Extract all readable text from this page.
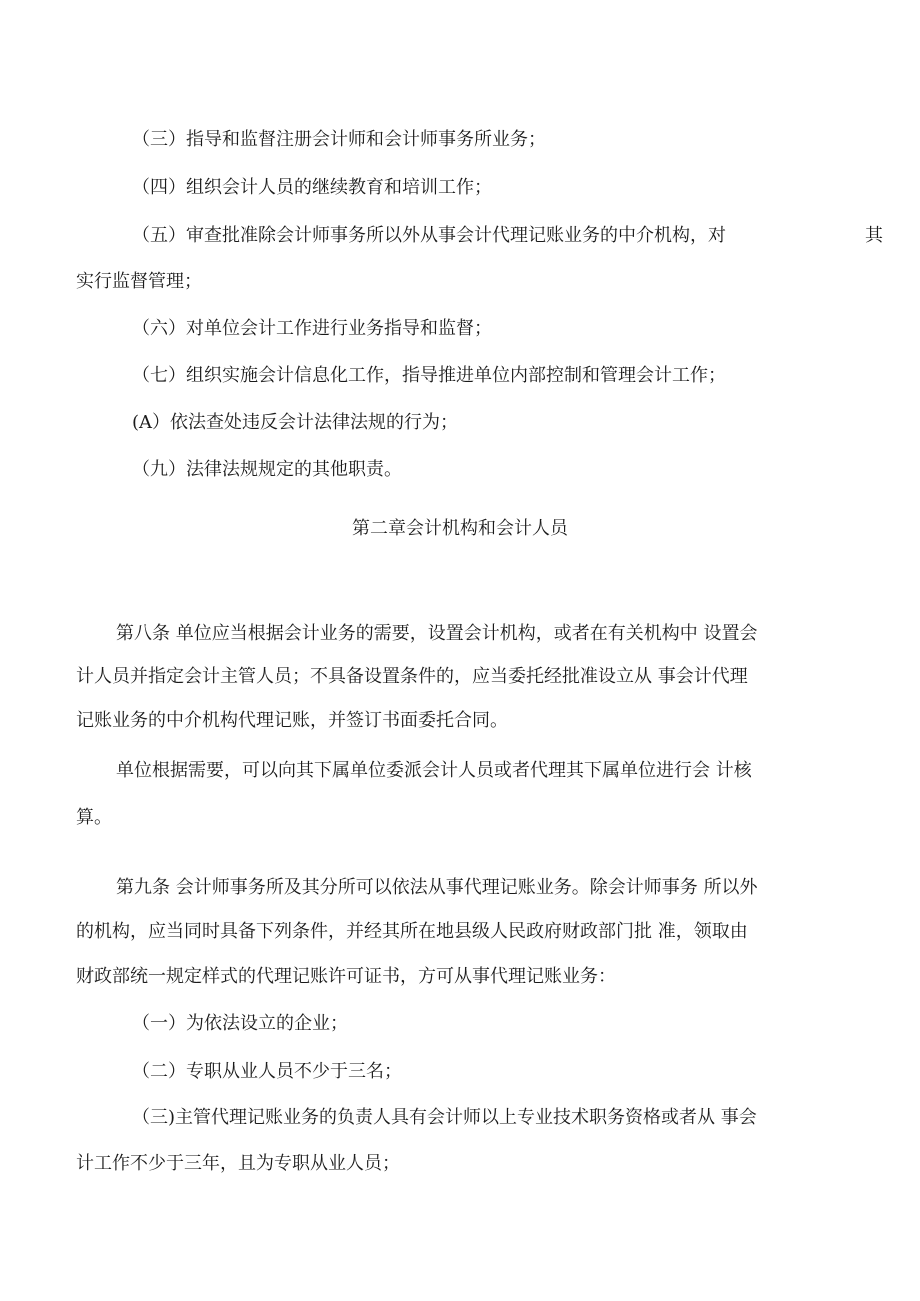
（三）指导和监督注册会计师和会计师事务所业务；

（四）组织会计人员的继续教育和培训工作；

（五）审查批准除会计师事务所以外从事会计代理记账业务的中介机构，对	其

实行监督管理；

（六）对单位会计工作进行业务指导和监督；

（七）组织实施会计信息化工作，指导推进单位内部控制和管理会计工作；

(A）依法查处违反会计法律法规的行为；

（九）法律法规规定的其他职责。

第二章会计机构和会计人员

第八条 单位应当根据会计业务的需要，设置会计机构，或者在有关机构中 设置会

计人员并指定会计主管人员；不具备设置条件的，应当委托经批准设立从 事会计代理

记账业务的中介机构代理记账，并签订书面委托合同。

单位根据需要，可以向其下属单位委派会计人员或者代理其下属单位进行会 计核

算。

第九条 会计师事务所及其分所可以依法从事代理记账业务。除会计师事务 所以外

的机构，应当同时具备下列条件，并经其所在地县级人民政府财政部门批 准，领取由

财政部统一规定样式的代理记账许可证书，方可从事代理记账业务：

（一）为依法设立的企业；

（二）专职从业人员不少于三名；

（三)主管代理记账业务的负责人具有会计师以上专业技术职务资格或者从 事会

计工作不少于三年，且为专职从业人员；
